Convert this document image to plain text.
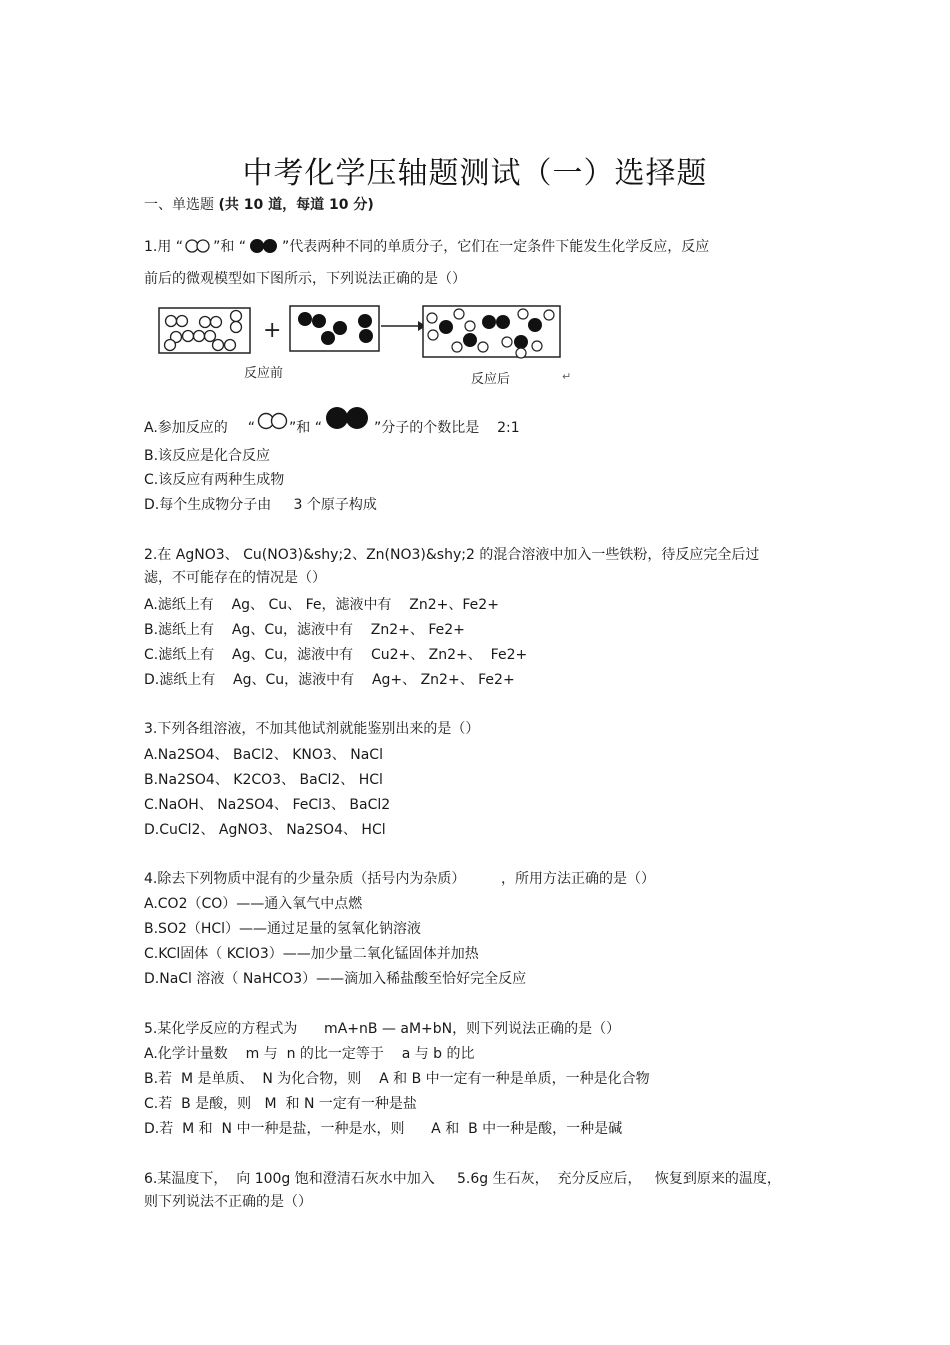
中考化学压轴题测试（一）选择题
一、单选题 (共 10 道，每道 10 分)
1.用 “ ”和 “	”代表两种不同的单质分子，它们在一定条件下能发生化学反应，反应
前后的微观模型如下图所示，下列说法正确的是（）
+
反应前	反应后	↵
A.参加反应的 “ ”和 “	”分子的个数比是    2:1
B.该反应是化合反应
C.该反应有两种生成物
D.每个生成物分子由     3 个原子构成
2.在 AgNO3、 Cu(NO3)&shy;2、Zn(NO3)&shy;2 的混合溶液中加入一些铁粉，待反应完全后过
滤，不可能存在的情况是（）
A.滤纸上有    Ag、 Cu、 Fe，滤液中有    Zn2+、Fe2+
B.滤纸上有    Ag、Cu，滤液中有    Zn2+、 Fe2+
C.滤纸上有    Ag、Cu，滤液中有    Cu2+、 Zn2+、  Fe2+
D.滤纸上有    Ag、Cu，滤液中有    Ag+、 Zn2+、 Fe2+
3.下列各组溶液，不加其他试剂就能鉴别出来的是（）
A.Na2SO4、 BaCl2、 KNO3、 NaCl
B.Na2SO4、 K2CO3、 BaCl2、 HCl
C.NaOH、 Na2SO4、 FeCl3、 BaCl2
D.CuCl2、 AgNO3、 Na2SO4、 HCl
4.除去下列物质中混有的少量杂质（括号内为杂质）        ，所用方法正确的是（）
A.CO2（CO）——通入氧气中点燃
B.SO2（HCl）——通过足量的氢氧化钠溶液
C.KCl固体（ KClO3）——加少量二氧化锰固体并加热
D.NaCl 溶液（ NaHCO3）——滴加入稀盐酸至恰好完全反应
5.某化学反应的方程式为      mA+nB — aM+bN，则下列说法正确的是（）
A.化学计量数    m 与  n 的比一定等于    a 与 b 的比
B.若  M 是单质、  N 为化合物，则    A 和 B 中一定有一种是单质，一种是化合物
C.若  B 是酸，则   M  和 N 一定有一种是盐
D.若  M 和  N 中一种是盐，一种是水，则      A 和  B 中一种是酸，一种是碱
6.某温度下，  向 100g 饱和澄清石灰水中加入     5.6g 生石灰，  充分反应后，   恢复到原来的温度，
则下列说法不正确的是（）
